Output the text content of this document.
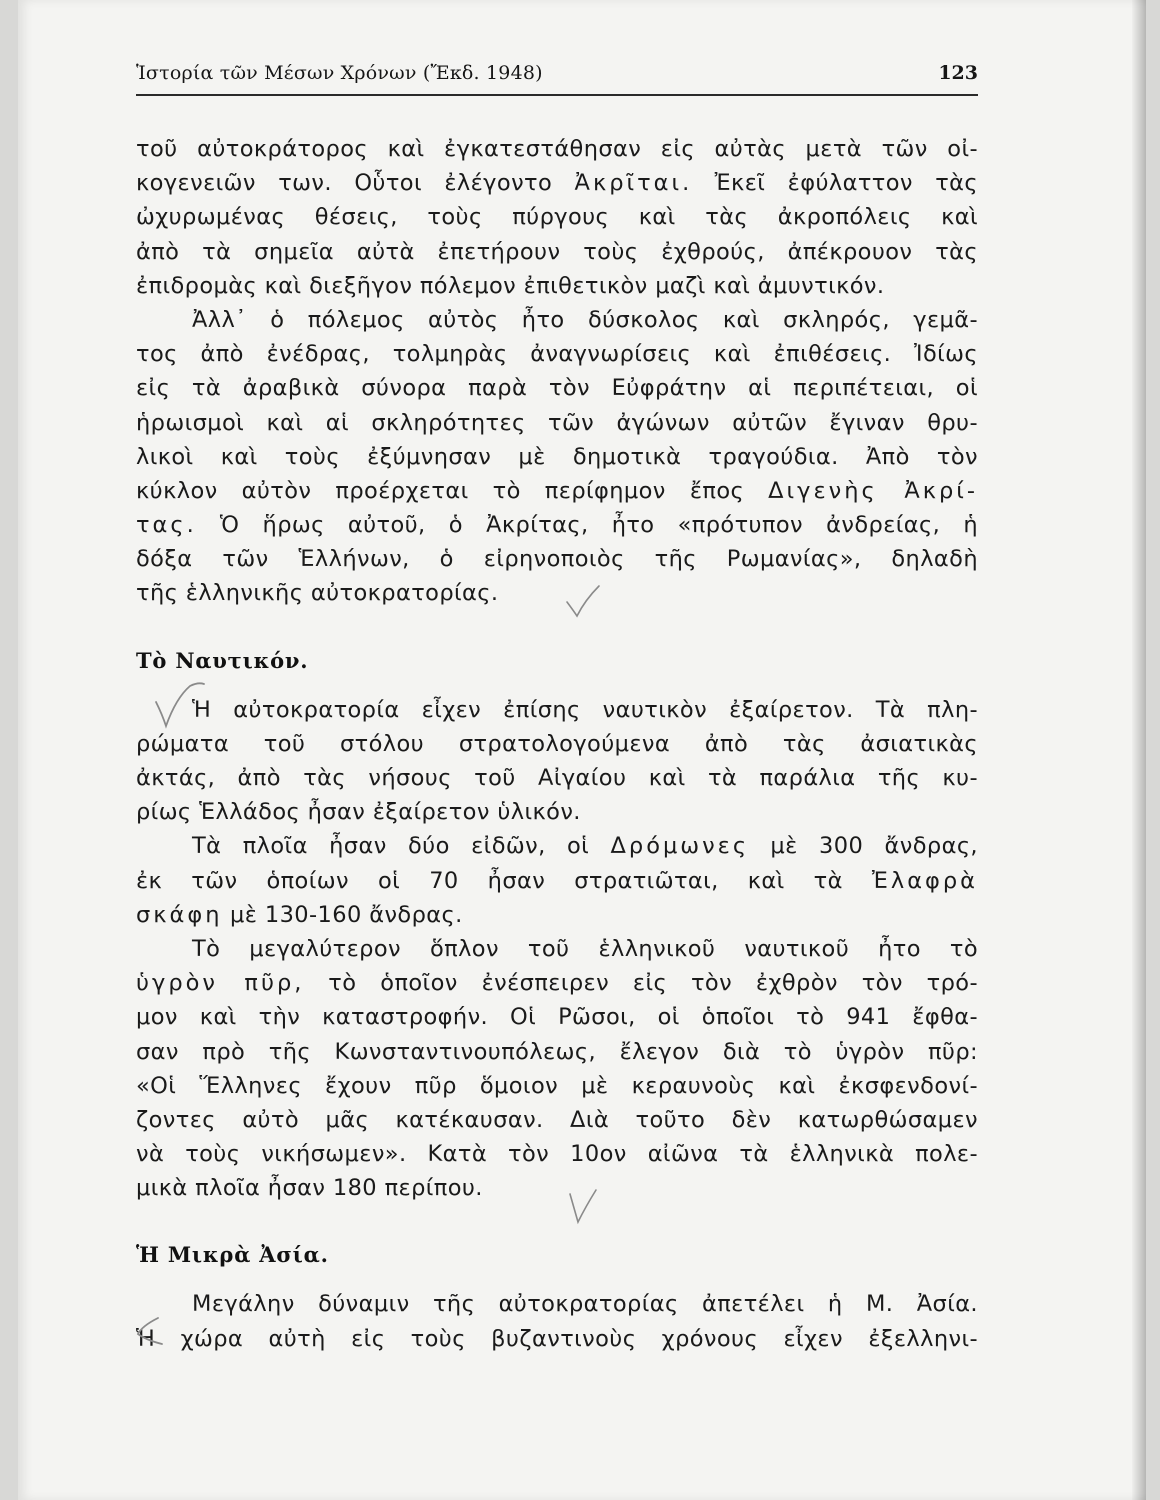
Ἱστορία τῶν Μέσων Χρόνων (Ἔκδ. 1948)	123
τοῦ αὐτοκράτορος καὶ ἐγκατεστάθησαν εἰς αὐτὰς μετὰ τῶν οἰ-
κογενειῶν των. Οὗτοι ἐλέγοντο Ἀκρῖται. Ἐκεῖ ἐφύλαττον τὰς
ὠχυρωμένας θέσεις, τοὺς πύργους καὶ τὰς ἀκροπόλεις καὶ
ἀπὸ τὰ σημεῖα αὐτὰ ἐπετήρουν τοὺς ἐχθρούς, ἀπέκρουον τὰς
ἐπιδρομὰς καὶ διεξῆγον πόλεμον ἐπιθετικὸν μαζὶ καὶ ἀμυντικόν.
Ἀλλ᾽ ὁ πόλεμος αὐτὸς ἦτο δύσκολος καὶ σκληρός, γεμᾶ-
τος ἀπὸ ἐνέδρας, τολμηρὰς ἀναγνωρίσεις καὶ ἐπιθέσεις. Ἰδίως
εἰς τὰ ἀραβικὰ σύνορα παρὰ τὸν Εὐφράτην αἱ περιπέτειαι, οἱ
ἡρωισμοὶ καὶ αἱ σκληρότητες τῶν ἀγώνων αὐτῶν ἔγιναν θρυ-
λικοὶ καὶ τοὺς ἐξύμνησαν μὲ δημοτικὰ τραγούδια. Ἀπὸ τὸν
κύκλον αὐτὸν προέρχεται τὸ περίφημον ἔπος Διγενὴς Ἀκρί-
τας. Ὁ ἥρως αὐτοῦ, ὁ Ἀκρίτας, ἦτο «πρότυπον ἀνδρείας, ἡ
δόξα τῶν Ἑλλήνων, ὁ εἰρηνοποιὸς τῆς Ρωμανίας», δηλαδὴ
τῆς ἑλληνικῆς αὐτοκρατορίας.
Τὸ Ναυτικόν.
Ἡ αὐτοκρατορία εἶχεν ἐπίσης ναυτικὸν ἐξαίρετον. Τὰ πλη-
ρώματα τοῦ στόλου στρατολογούμενα ἀπὸ τὰς ἀσιατικὰς
ἀκτάς, ἀπὸ τὰς νήσους τοῦ Αἰγαίου καὶ τὰ παράλια τῆς κυ-
ρίως Ἑλλάδος ἦσαν ἐξαίρετον ὑλικόν.
Τὰ πλοῖα ἦσαν δύο εἰδῶν, οἱ Δρόμωνες μὲ 300 ἄνδρας,
ἐκ τῶν ὁποίων οἱ 70 ἦσαν στρατιῶται, καὶ τὰ Ἐλαφρὰ
σκάφη μὲ 130-160 ἄνδρας.
Τὸ μεγαλύτερον ὅπλον τοῦ ἑλληνικοῦ ναυτικοῦ ἦτο τὸ
ὑγρὸν πῦρ, τὸ ὁποῖον ἐνέσπειρεν εἰς τὸν ἐχθρὸν τὸν τρό-
μον καὶ τὴν καταστροφήν. Οἱ Ρῶσοι, οἱ ὁποῖοι τὸ 941 ἔφθα-
σαν πρὸ τῆς Κωνσταντινουπόλεως, ἔλεγον διὰ τὸ ὑγρὸν πῦρ:
«Οἱ Ἕλληνες ἔχουν πῦρ ὅμοιον μὲ κεραυνοὺς καὶ ἐκσφενδονί-
ζοντες αὐτὸ μᾶς κατέκαυσαν. Διὰ τοῦτο δὲν κατωρθώσαμεν
νὰ τοὺς νικήσωμεν». Κατὰ τὸν 10ον αἰῶνα τὰ ἑλληνικὰ πολε-
μικὰ πλοῖα ἦσαν 180 περίπου.
Ἡ Μικρὰ Ἀσία.
Μεγάλην δύναμιν τῆς αὐτοκρατορίας ἀπετέλει ἡ Μ. Ἀσία.
Ἡ χώρα αὐτὴ εἰς τοὺς βυζαντινοὺς χρόνους εἶχεν ἐξελληνι-
